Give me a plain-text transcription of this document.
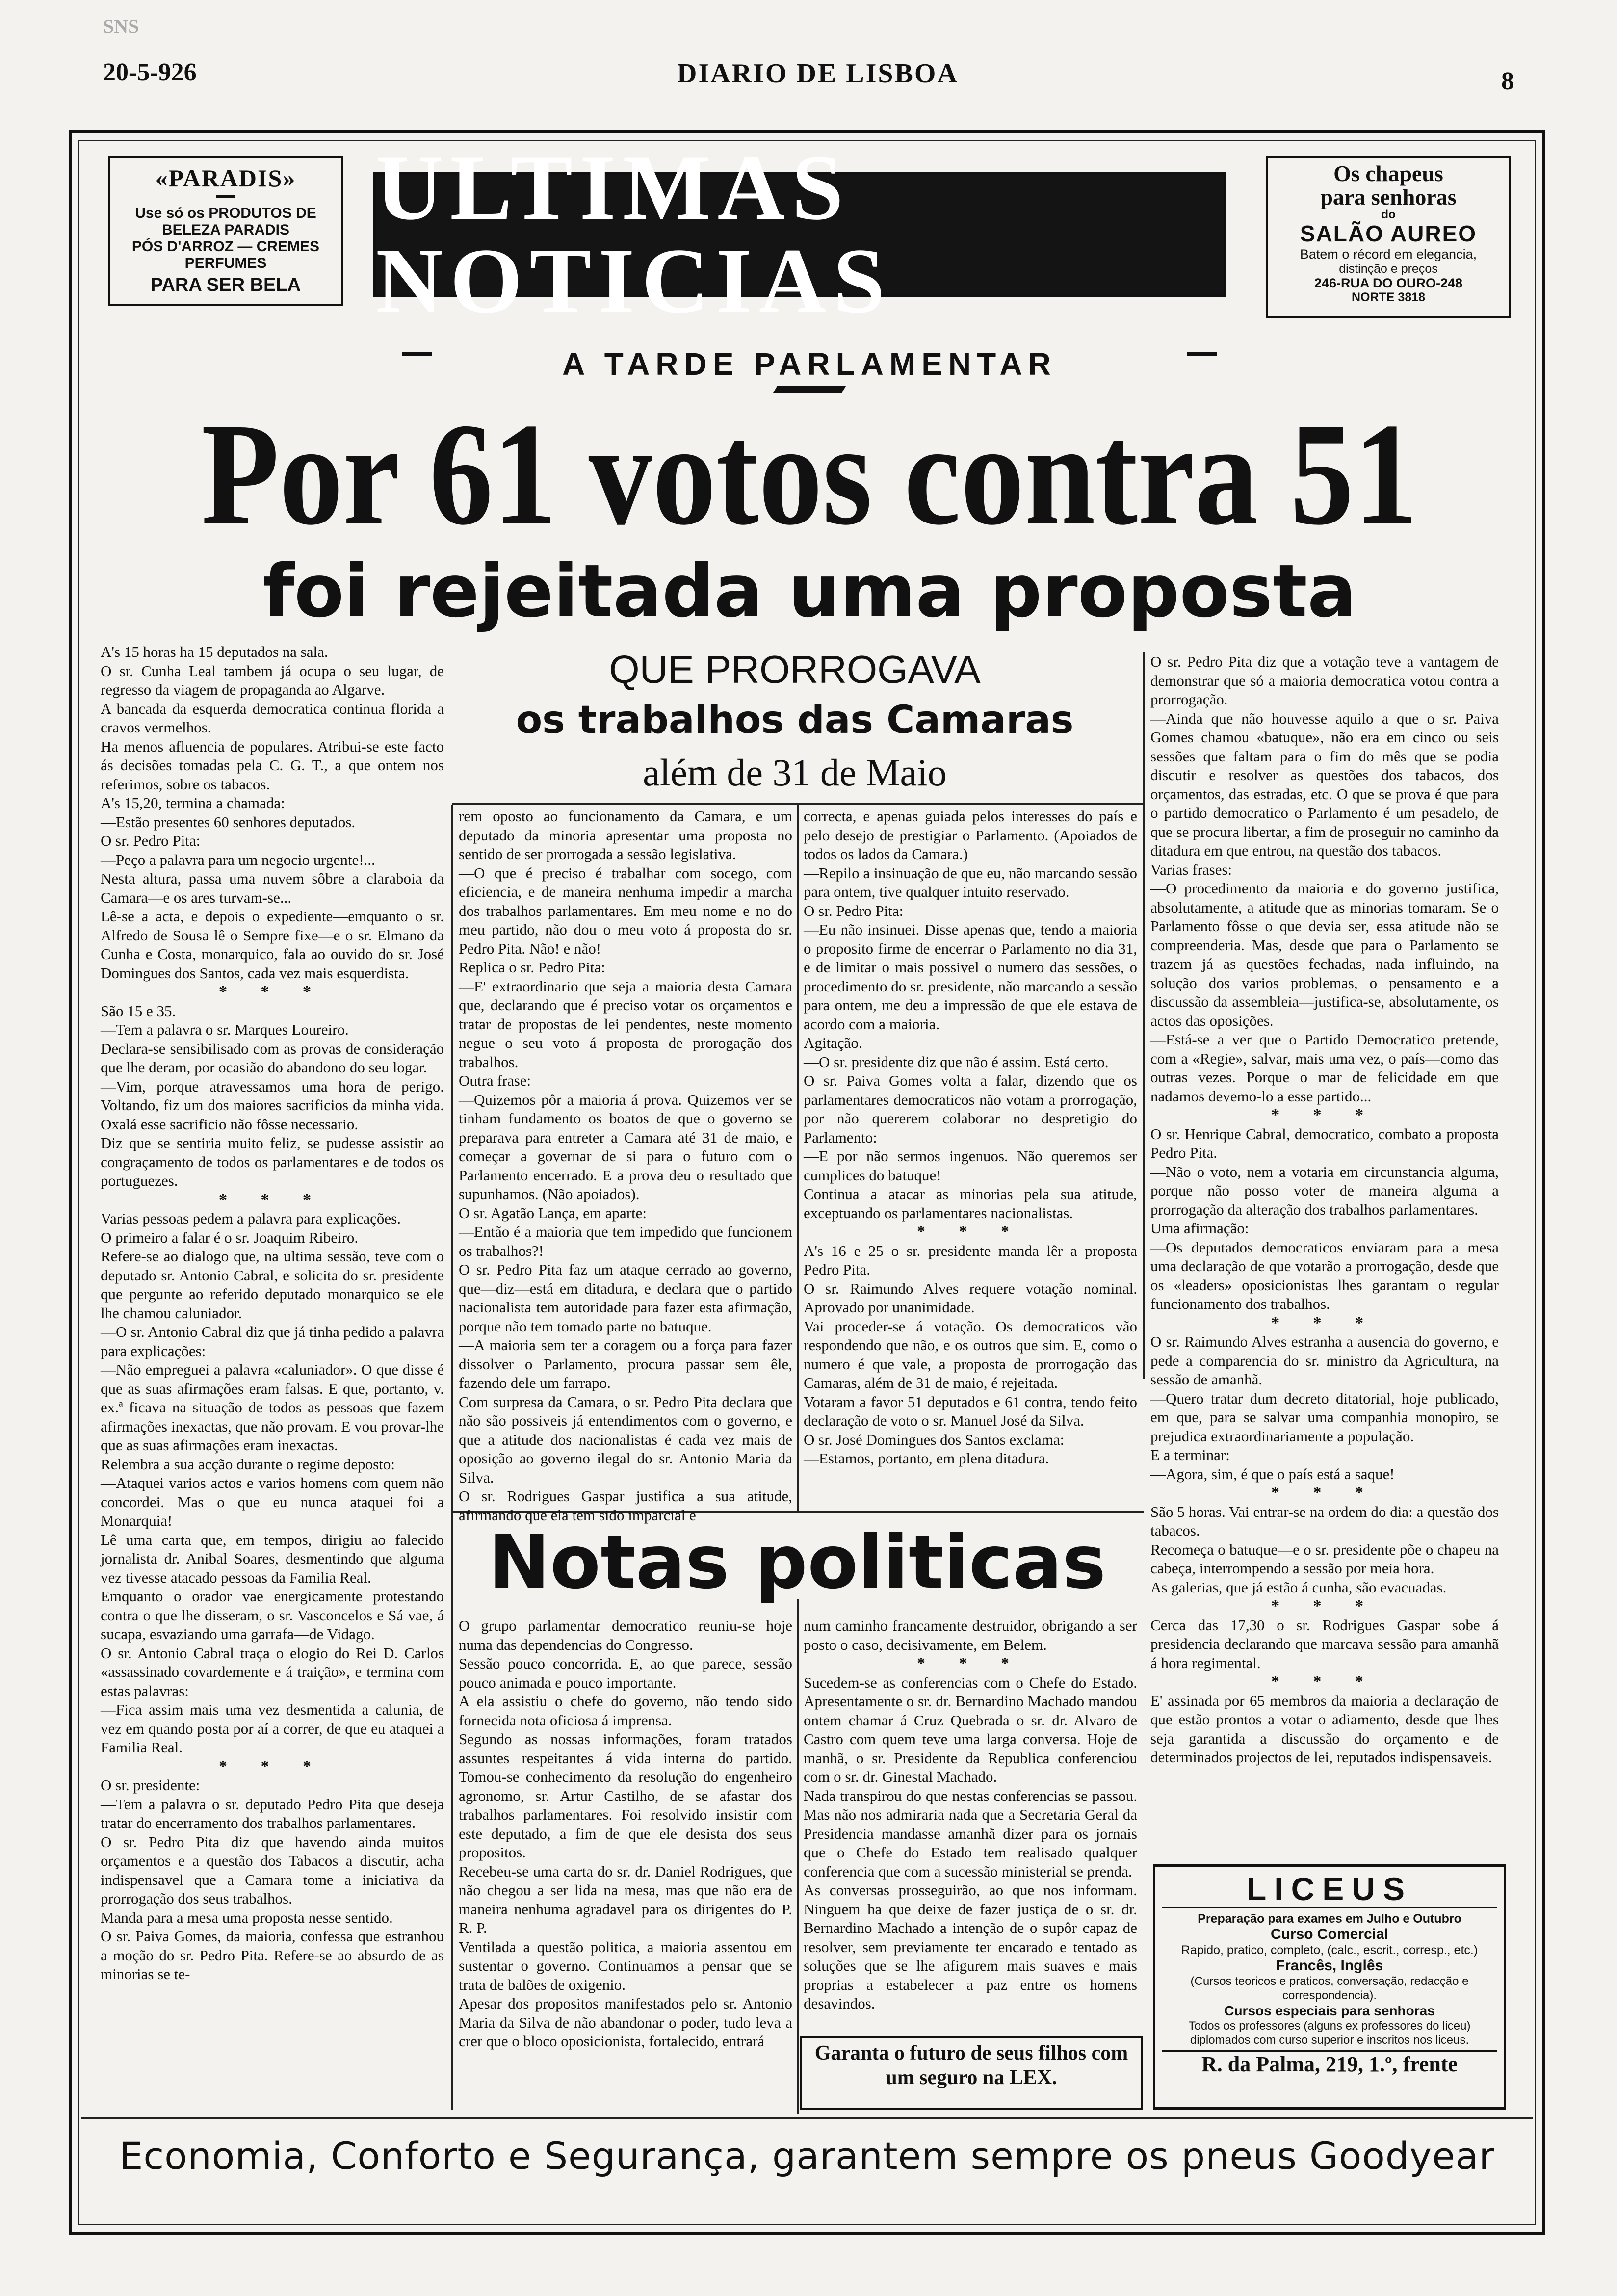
SNS
20-5-926	DIARIO DE LISBOA	8
«PARADIS»
Use só os PRODUTOS DE
BELEZA PARADIS
PÓS D'ARROZ — CREMES
PERFUMES
PARA SER BELA
ULTIMAS NOTICIAS
Os chapeus
para senhoras
do
SALÃO AUREO
Batem o récord em elegancia,
distinção e preços
246-RUA DO OURO-248
NORTE 3818
A TARDE PARLAMENTAR
Por 61 votos contra 51
foi rejeitada uma proposta
QUE PRORROGAVA
os trabalhos das Camaras
além de 31 de Maio

A's 15 horas ha 15 deputados na sala.

O sr. Cunha Leal tambem já ocupa o seu lugar, de regresso da viagem de propaganda ao Algarve.

A bancada da esquerda democratica continua florida a cravos vermelhos.

Ha menos afluencia de populares. Atribui-se este facto ás decisões tomadas pela C. G. T., a que ontem nos referimos, sobre os tabacos.

A's 15,20, termina a chamada:

—Estão presentes 60 senhores deputados.

O sr. Pedro Pita:

—Peço a palavra para um negocio urgente!...

Nesta altura, passa uma nuvem sôbre a claraboia da Camara—e os ares turvam-se...

Lê-se a acta, e depois o expediente—emquanto o sr. Alfredo de Sousa lê o Sempre fixe—e o sr. Elmano da Cunha e Costa, monarquico, fala ao ouvido do sr. José Domingues dos Santos, cada vez mais esquerdista.

* * *

São 15 e 35.

—Tem a palavra o sr. Marques Loureiro.

Declara-se sensibilisado com as provas de consideração que lhe deram, por ocasião do abandono do seu logar.

—Vim, porque atravessamos uma hora de perigo. Voltando, fiz um dos maiores sacrificios da minha vida. Oxalá esse sacrificio não fôsse necessario.

Diz que se sentiria muito feliz, se pudesse assistir ao congraçamento de todos os parlamentares e de todos os portuguezes.

* * *

Varias pessoas pedem a palavra para explicações.

O primeiro a falar é o sr. Joaquim Ribeiro.

Refere-se ao dialogo que, na ultima sessão, teve com o deputado sr. Antonio Cabral, e solicita do sr. presidente que pergunte ao referido deputado monarquico se ele lhe chamou caluniador.

—O sr. Antonio Cabral diz que já tinha pedido a palavra para explicações:

—Não empreguei a palavra «caluniador». O que disse é que as suas afirmações eram falsas. E que, portanto, v. ex.ª ficava na situação de todos as pessoas que fazem afirmações inexactas, que não provam. E vou provar-lhe que as suas afirmações eram inexactas.

Relembra a sua acção durante o regime deposto:

—Ataquei varios actos e varios homens com quem não concordei. Mas o que eu nunca ataquei foi a Monarquia!

Lê uma carta que, em tempos, dirigiu ao falecido jornalista dr. Anibal Soares, desmentindo que alguma vez tivesse atacado pessoas da Familia Real.

Emquanto o orador vae energicamente protestando contra o que lhe disseram, o sr. Vasconcelos e Sá vae, á sucapa, esvaziando uma garrafa—de Vidago.

O sr. Antonio Cabral traça o elogio do Rei D. Carlos «assassinado covardemente e á traição», e termina com estas palavras:

—Fica assim mais uma vez desmentida a calunia, de vez em quando posta por aí a correr, de que eu ataquei a Familia Real.

* * *

O sr. presidente:

—Tem a palavra o sr. deputado Pedro Pita que deseja tratar do encerramento dos trabalhos parlamentares.

O sr. Pedro Pita diz que havendo ainda muitos orçamentos e a questão dos Tabacos a discutir, acha indispensavel que a Camara tome a iniciativa da prorrogação dos seus trabalhos.

Manda para a mesa uma proposta nesse sentido.

O sr. Paiva Gomes, da maioria, confessa que estranhou a moção do sr. Pedro Pita. Refere-se ao absurdo de as minorias se te-

rem oposto ao funcionamento da Camara, e um deputado da minoria apresentar uma proposta no sentido de ser prorrogada a sessão legislativa.

—O que é preciso é trabalhar com socego, com eficiencia, e de maneira nenhuma impedir a marcha dos trabalhos parlamentares. Em meu nome e no do meu partido, não dou o meu voto á proposta do sr. Pedro Pita. Não! e não!

Replica o sr. Pedro Pita:

—E' extraordinario que seja a maioria desta Camara que, declarando que é preciso votar os orçamentos e tratar de propostas de lei pendentes, neste momento negue o seu voto á proposta de prorogação dos trabalhos.

Outra frase:

—Quizemos pôr a maioria á prova. Quizemos ver se tinham fundamento os boatos de que o governo se preparava para entreter a Camara até 31 de maio, e começar a governar de si para o futuro com o Parlamento encerrado. E a prova deu o resultado que supunhamos. (Não apoiados).

O sr. Agatão Lança, em aparte:

—Então é a maioria que tem impedido que funcionem os trabalhos?!

O sr. Pedro Pita faz um ataque cerrado ao governo, que—diz—está em ditadura, e declara que o partido nacionalista tem autoridade para fazer esta afirmação, porque não tem tomado parte no batuque.

—A maioria sem ter a coragem ou a força para fazer dissolver o Parlamento, procura passar sem êle, fazendo dele um farrapo.

Com surpresa da Camara, o sr. Pedro Pita declara que não são possiveis já entendimentos com o governo, e que a atitude dos nacionalistas é cada vez mais de oposição ao governo ilegal do sr. Antonio Maria da Silva.

O sr. Rodrigues Gaspar justifica a sua atitude, afirmando que ela tem sido imparcial e

correcta, e apenas guiada pelos interesses do país e pelo desejo de prestigiar o Parlamento. (Apoiados de todos os lados da Camara.)

—Repilo a insinuação de que eu, não marcando sessão para ontem, tive qualquer intuito reservado.

O sr. Pedro Pita:

—Eu não insinuei. Disse apenas que, tendo a maioria o proposito firme de encerrar o Parlamento no dia 31, e de limitar o mais possivel o numero das sessões, o procedimento do sr. presidente, não marcando a sessão para ontem, me deu a impressão de que ele estava de acordo com a maioria.

Agitação.

—O sr. presidente diz que não é assim. Está certo.

O sr. Paiva Gomes volta a falar, dizendo que os parlamentares democraticos não votam a prorrogação, por não quererem colaborar no despretigio do Parlamento:

—E por não sermos ingenuos. Não queremos ser cumplices do batuque!

Continua a atacar as minorias pela sua atitude, exceptuando os parlamentares nacionalistas.

* * *

A's 16 e 25 o sr. presidente manda lêr a proposta Pedro Pita.

O sr. Raimundo Alves requere votação nominal. Aprovado por unanimidade.

Vai proceder-se á votação. Os democraticos vão respondendo que não, e os outros que sim. E, como o numero é que vale, a proposta de prorrogação das Camaras, além de 31 de maio, é rejeitada.

Votaram a favor 51 deputados e 61 contra, tendo feito declaração de voto o sr. Manuel José da Silva.

O sr. José Domingues dos Santos exclama:

—Estamos, portanto, em plena ditadura.

O sr. Pedro Pita diz que a votação teve a vantagem de demonstrar que só a maioria democratica votou contra a prorrogação.

—Ainda que não houvesse aquilo a que o sr. Paiva Gomes chamou «batuque», não era em cinco ou seis sessões que faltam para o fim do mês que se podia discutir e resolver as questões dos tabacos, dos orçamentos, das estradas, etc. O que se prova é que para o partido democratico o Parlamento é um pesadelo, de que se procura libertar, a fim de proseguir no caminho da ditadura em que entrou, na questão dos tabacos.

Varias frases:

—O procedimento da maioria e do governo justifica, absolutamente, a atitude que as minorias tomaram. Se o Parlamento fôsse o que devia ser, essa atitude não se compreenderia. Mas, desde que para o Parlamento se trazem já as questões fechadas, nada influindo, na solução dos varios problemas, o pensamento e a discussão da assembleia—justifica-se, absolutamente, os actos das oposições.

—Está-se a ver que o Partido Democratico pretende, com a «Regie», salvar, mais uma vez, o país—como das outras vezes. Porque o mar de felicidade em que nadamos devemo-lo a esse partido...

* * *

O sr. Henrique Cabral, democratico, combato a proposta Pedro Pita.

—Não o voto, nem a votaria em circunstancia alguma, porque não posso voter de maneira alguma a prorrogação da alteração dos trabalhos parlamentares.

Uma afirmação:

—Os deputados democraticos enviaram para a mesa uma declaração de que votarão a prorrogação, desde que os «leaders» oposicionistas lhes garantam o regular funcionamento dos trabalhos.

* * *

O sr. Raimundo Alves estranha a ausencia do governo, e pede a comparencia do sr. ministro da Agricultura, na sessão de amanhã.

—Quero tratar dum decreto ditatorial, hoje publicado, em que, para se salvar uma companhia monopiro, se prejudica extraordinariamente a população.

E a terminar:

—Agora, sim, é que o país está a saque!

* * *

São 5 horas. Vai entrar-se na ordem do dia: a questão dos tabacos.

Recomeça o batuque—e o sr. presidente põe o chapeu na cabeça, interrompendo a sessão por meia hora.

As galerias, que já estão á cunha, são evacuadas.

* * *

Cerca das 17,30 o sr. Rodrigues Gaspar sobe á presidencia declarando que marcava sessão para amanhã á hora regimental.

* * *

E' assinada por 65 membros da maioria a declaração de que estão prontos a votar o adiamento, desde que lhes seja garantida a discussão do orçamento e de determinados projectos de lei, reputados indispensaveis.

Notas politicas

O grupo parlamentar democratico reuniu-se hoje numa das dependencias do Congresso.

Sessão pouco concorrida. E, ao que parece, sessão pouco animada e pouco importante.

A ela assistiu o chefe do governo, não tendo sido fornecida nota oficiosa á imprensa.

Segundo as nossas informações, foram tratados assuntes respeitantes á vida interna do partido. Tomou-se conhecimento da resolução do engenheiro agronomo, sr. Artur Castilho, de se afastar dos trabalhos parlamentares. Foi resolvido insistir com este deputado, a fim de que ele desista dos seus propositos.

Recebeu-se uma carta do sr. dr. Daniel Rodrigues, que não chegou a ser lida na mesa, mas que não era de maneira nenhuma agradavel para os dirigentes do P. R. P.

Ventilada a questão politica, a maioria assentou em sustentar o governo. Continuamos a pensar que se trata de balões de oxigenio.

Apesar dos propositos manifestados pelo sr. Antonio Maria da Silva de não abandonar o poder, tudo leva a crer que o bloco oposicionista, fortalecido, entrará

num caminho francamente destruidor, obrigando a ser posto o caso, decisivamente, em Belem.

* * *

Sucedem-se as conferencias com o Chefe do Estado. Apresentamente o sr. dr. Bernardino Machado mandou ontem chamar á Cruz Quebrada o sr. dr. Alvaro de Castro com quem teve uma larga conversa. Hoje de manhã, o sr. Presidente da Republica conferenciou com o sr. dr. Ginestal Machado.

Nada transpirou do que nestas conferencias se passou. Mas não nos admiraria nada que a Secretaria Geral da Presidencia mandasse amanhã dizer para os jornais que o Chefe do Estado tem realisado qualquer conferencia que com a sucessão ministerial se prenda.

As conversas prosseguirão, ao que nos informam. Ninguem ha que deixe de fazer justiça de o sr. dr. Bernardino Machado a intenção de o supôr capaz de resolver, sem previamente ter encarado e tentado as soluções que se lhe afigurem mais suaves e mais proprias a estabelecer a paz entre os homens desavindos.

Garanta o futuro de seus filhos com um seguro na LEX.
LICEUS
Preparação para exames em Julho e Outubro
Curso Comercial
Rapido, pratico, completo, (calc., escrit., corresp., etc.)
Francês, Inglês
(Cursos teoricos e praticos, conversação, redacção e correspondencia).
Cursos especiais para senhoras
Todos os professores (alguns ex professores do liceu) diplomados com curso superior e inscritos nos liceus.
R. da Palma, 219, 1.º, frente
Economia, Conforto e Segurança, garantem sempre os pneus Goodyear
